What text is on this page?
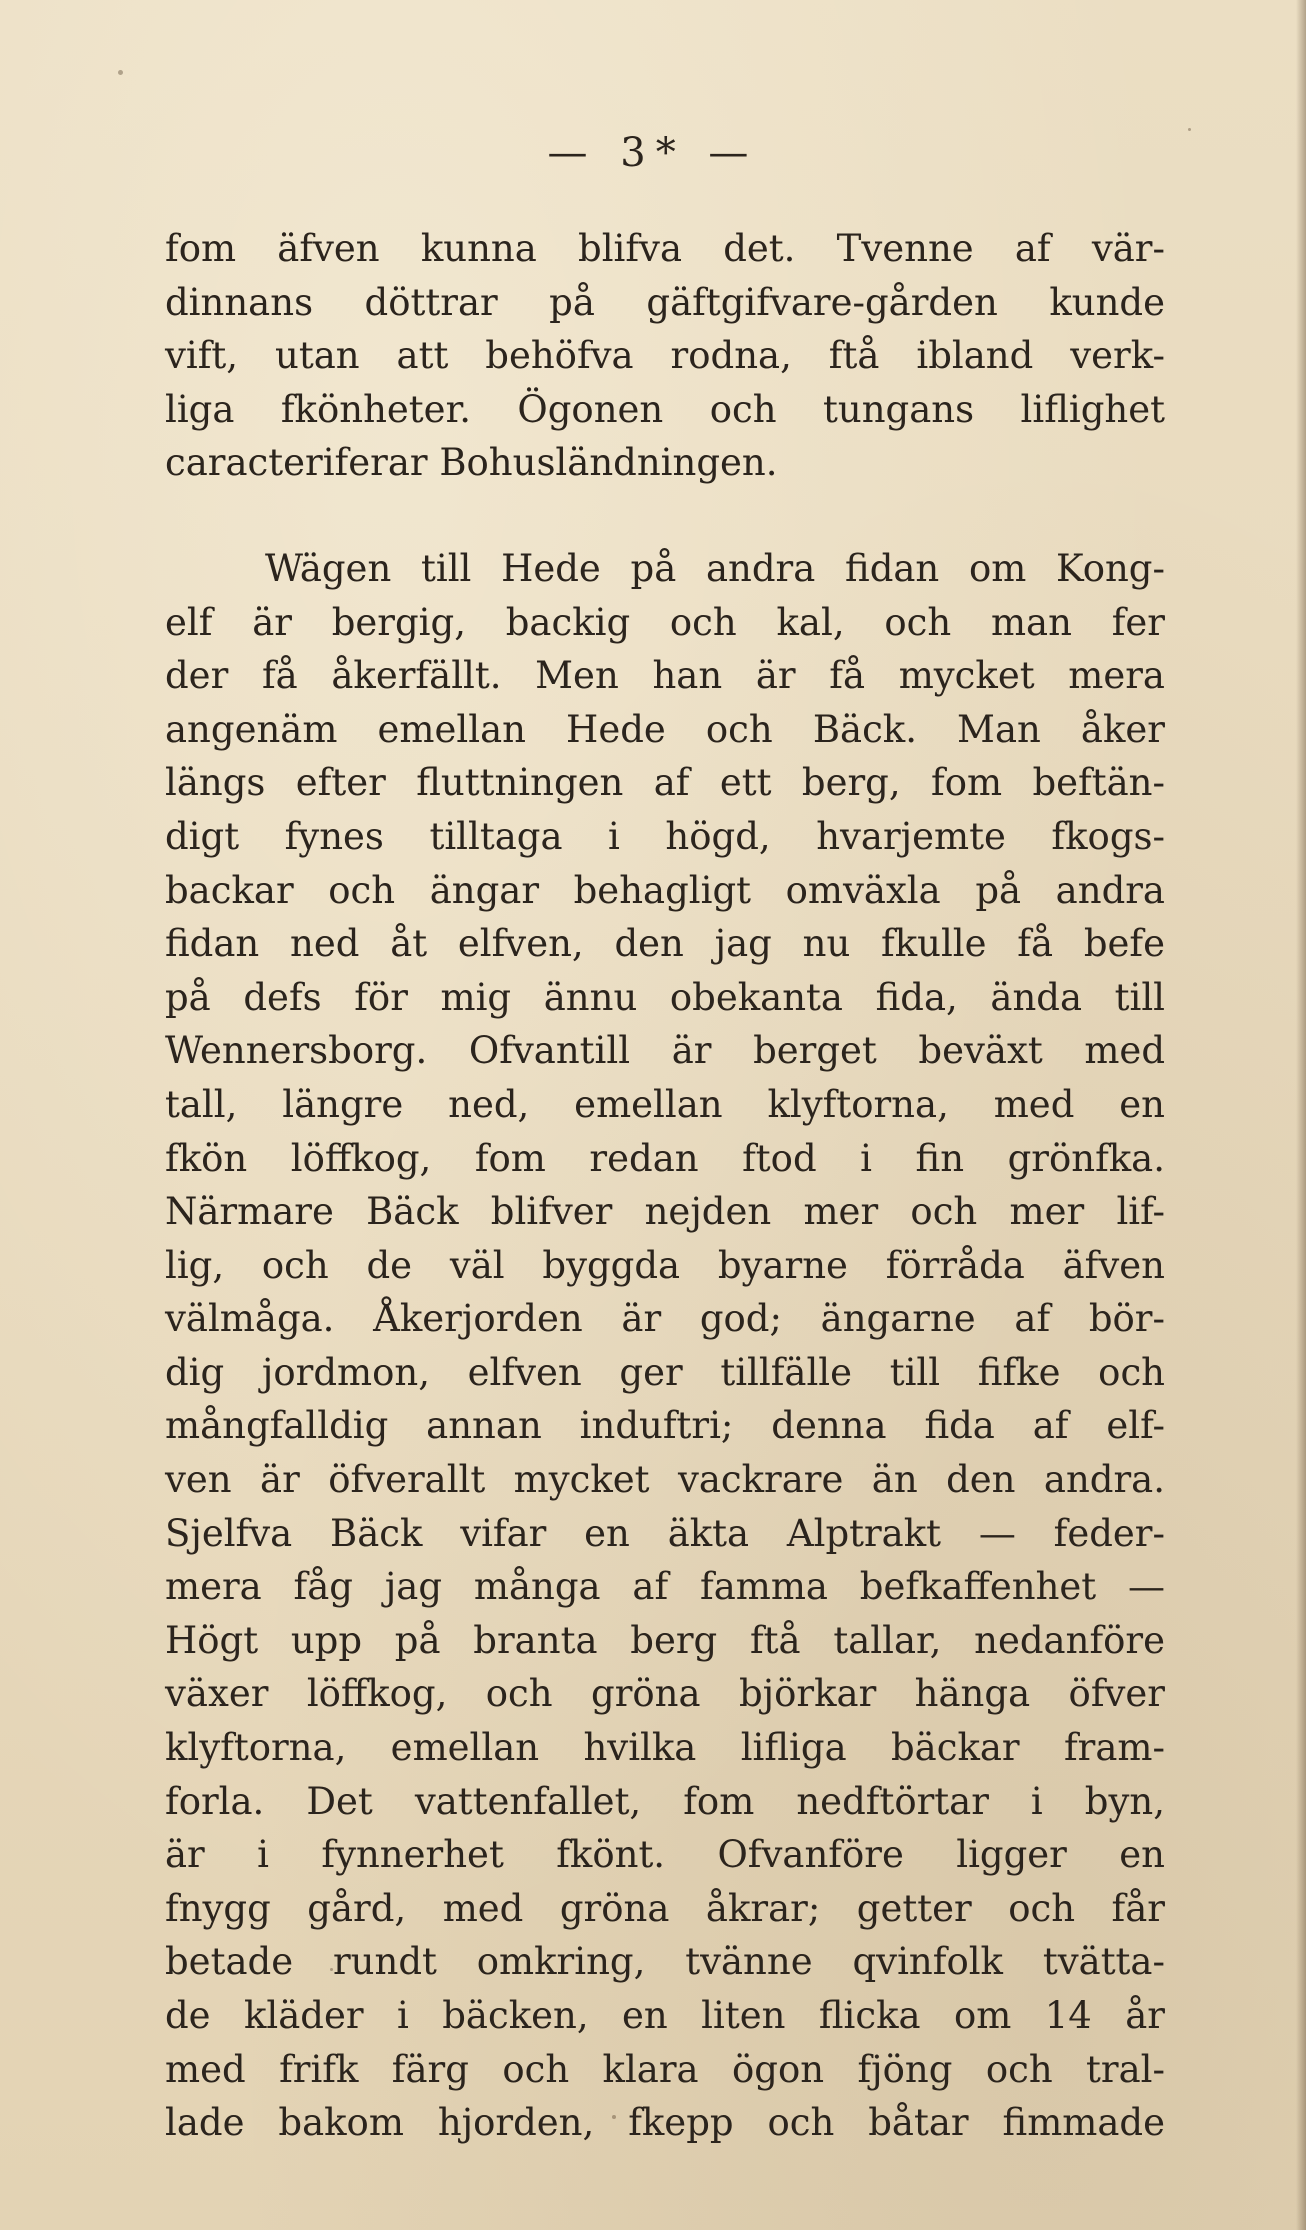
— 3* —

fom äfven kunna blifva det. Tvenne af vär-
dinnans döttrar på gäftgifvare-gården kunde
vift, utan att behöfva rodna, ftå ibland verk-
liga fkönheter. Ögonen och tungans liflighet
caracteriferar Bohusländningen.

Wägen till Hede på andra fidan om Kong-
elf är bergig, backig och kal, och man fer
der få åkerfällt. Men han är få mycket mera
angenäm emellan Hede och Bäck. Man åker
längs efter fluttningen af ett berg, fom beftän-
digt fynes tilltaga i högd, hvarjemte fkogs-
backar och ängar behagligt omväxla på andra
fidan ned åt elfven, den jag nu fkulle få befe
på defs för mig ännu obekanta fida, ända till
Wennersborg. Ofvantill är berget beväxt med
tall, längre ned, emellan klyftorna, med en
fkön löffkog, fom redan ftod i fin grönfka.
Närmare Bäck blifver nejden mer och mer lif-
lig, och de väl byggda byarne förråda äfven
välmåga. Åkerjorden är god; ängarne af bör-
dig jordmon, elfven ger tillfälle till fifke och
mångfalldig annan induftri; denna fida af elf-
ven är öfverallt mycket vackrare än den andra.
Sjelfva Bäck vifar en äkta Alptrakt — feder-
mera fåg jag många af famma befkaffenhet —
Högt upp på branta berg ftå tallar, nedanföre
växer löffkog, och gröna björkar hänga öfver
klyftorna, emellan hvilka lifliga bäckar fram-
forla. Det vattenfallet, fom nedftörtar i byn,
är i fynnerhet fkönt. Ofvanföre ligger en
fnygg gård, med gröna åkrar; getter och får
betade rundt omkring, tvänne qvinfolk tvätta-
de kläder i bäcken, en liten flicka om 14 år
med frifk färg och klara ögon fjöng och tral-
lade bakom hjorden, fkepp och båtar fimmade
